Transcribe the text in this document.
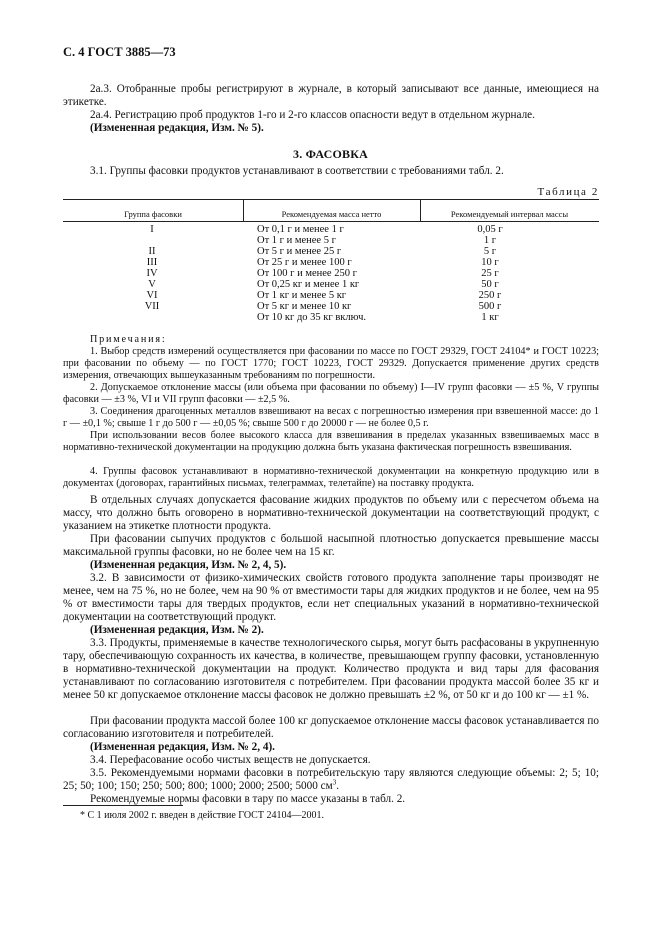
С. 4 ГОСТ 3885—73
2а.3. Отобранные пробы регистрируют в журнале, в который записывают все данные, имеющиеся на этикетке.
2а.4. Регистрацию проб продуктов 1-го и 2-го классов опасности ведут в отдельном журнале.
(Измененная редакция, Изм. № 5).
3. ФАСОВКА
3.1. Группы фасовки продуктов устанавливают в соответствии с требованиями табл. 2.
Таблица 2
Группа фасовки	Рекомендуемая масса нетто	Рекомендуемый интервал массы
I

II
III
IV
V
VI
VII
От 0,1 г и менее 1 г
От 1 г и менее 5 г
От 5 г и менее 25 г
От 25 г и менее 100 г
От 100 г и менее 250 г
От 0,25 кг и менее 1 кг
От 1 кг и менее 5 кг
От 5 кг и менее 10 кг
От 10 кг до 35 кг включ.
0,05 г
1 г
5 г
10 г
25 г
50 г
250 г
500 г
1 кг
Примечания:
1. Выбор средств измерений осуществляется при фасовании по массе по ГОСТ 29329, ГОСТ 24104* и ГОСТ 10223; при фасовании по объему — по ГОСТ 1770; ГОСТ 10223, ГОСТ 29329. Допускается применение других средств измерения, отвечающих вышеуказанным требованиям по погрешности.
2. Допускаемое отклонение массы (или объема при фасовании по объему) I—IV групп фасовки — ±5 %, V группы фасовки — ±3 %, VI и VII групп фасовки — ±2,5 %.
3. Соединения драгоценных металлов взвешивают на весах с погрешностью измерения при взвешенной массе: до 1 г — ±0,1 %; свыше 1 г до 500 г — ±0,05 %; свыше 500 г до 20000 г — не более 0,5 г.
При использовании весов более высокого класса для взвешивания в пределах указанных взвешиваемых масс в нормативно-технической документации на продукцию должна быть указана фактическая погрешность взвешивания.
4. Группы фасовок устанавливают в нормативно-технической документации на конкретную продукцию или в документах (договорах, гарантийных письмах, телеграммах, телетайпе) на поставку продукта.
В отдельных случаях допускается фасование жидких продуктов по объему или с пересчетом объема на массу, что должно быть оговорено в нормативно-технической документации на соответствующий продукт, с указанием на этикетке плотности продукта.
При фасовании сыпучих продуктов с большой насыпной плотностью допускается превышение массы максимальной группы фасовки, но не более чем на 15 кг.
(Измененная редакция, Изм. № 2, 4, 5).
3.2. В зависимости от физико-химических свойств готового продукта заполнение тары производят не менее, чем на 75 %, но не более, чем на 90 % от вместимости тары для жидких продуктов и не более, чем на 95 % от вместимости тары для твердых продуктов, если нет специальных указаний в нормативно-технической документации на соответствующий продукт.
(Измененная редакция, Изм. № 2).
3.3. Продукты, применяемые в качестве технологического сырья, могут быть расфасованы в укрупненную тару, обеспечивающую сохранность их качества, в количестве, превышающем группу фасовки, установленную в нормативно-технической документации на продукт. Количество продукта и вид тары для фасования устанавливают по согласованию изготовителя с потребителем. При фасовании продукта массой более 35 кг и менее 50 кг допускаемое отклонение массы фасовок не должно превышать ±2 %, от 50 кг и до 100 кг — ±1 %.
При фасовании продукта массой более 100 кг допускаемое отклонение массы фасовок устанавливается по согласованию изготовителя и потребителей.
(Измененная редакция, Изм. № 2, 4).
3.4. Перефасование особо чистых веществ не допускается.
3.5. Рекомендуемыми нормами фасовки в потребительскую тару являются следующие объемы: 2; 5; 10; 25; 50; 100; 150; 250; 500; 800; 1000; 2000; 2500; 5000 $см^3$.
Рекомендуемые нормы фасовки в тару по массе указаны в табл. 2.
* С 1 июля 2002 г. введен в действие ГОСТ 24104—2001.
